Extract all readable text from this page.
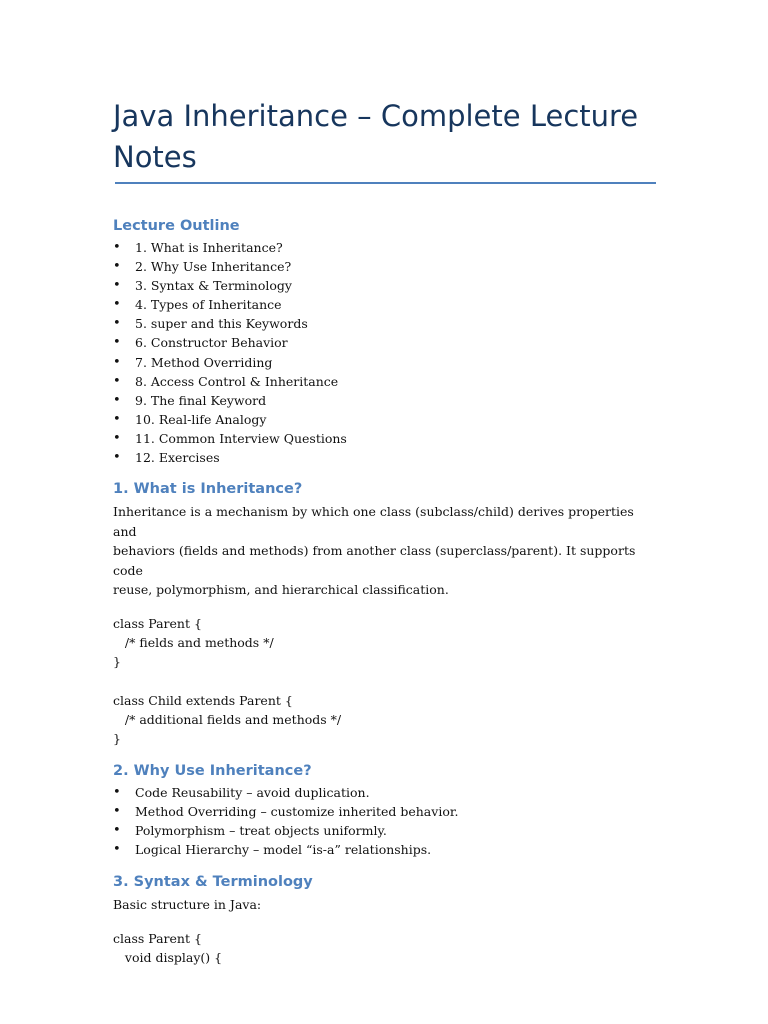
Java Inheritance – Complete Lecture Notes
Lecture Outline
• 1. What is Inheritance?
• 2. Why Use Inheritance?
• 3. Syntax & Terminology
• 4. Types of Inheritance
• 5. super and this Keywords
• 6. Constructor Behavior
• 7. Method Overriding
• 8. Access Control & Inheritance
• 9. The final Keyword
• 10. Real-life Analogy
• 11. Common Interview Questions
• 12. Exercises
1. What is Inheritance?

Inheritance is a mechanism by which one class (subclass/child) derives properties and
behaviors (fields and methods) from another class (superclass/parent). It supports code
reuse, polymorphism, and hierarchical classification.

class Parent {
/* fields and methods */
}
class Child extends Parent {
/* additional fields and methods */
}
2. Why Use Inheritance?
• Code Reusability – avoid duplication.
• Method Overriding – customize inherited behavior.
• Polymorphism – treat objects uniformly.
• Logical Hierarchy – model “is-a” relationships.
3. Syntax & Terminology

Basic structure in Java:

class Parent {
void display() {
